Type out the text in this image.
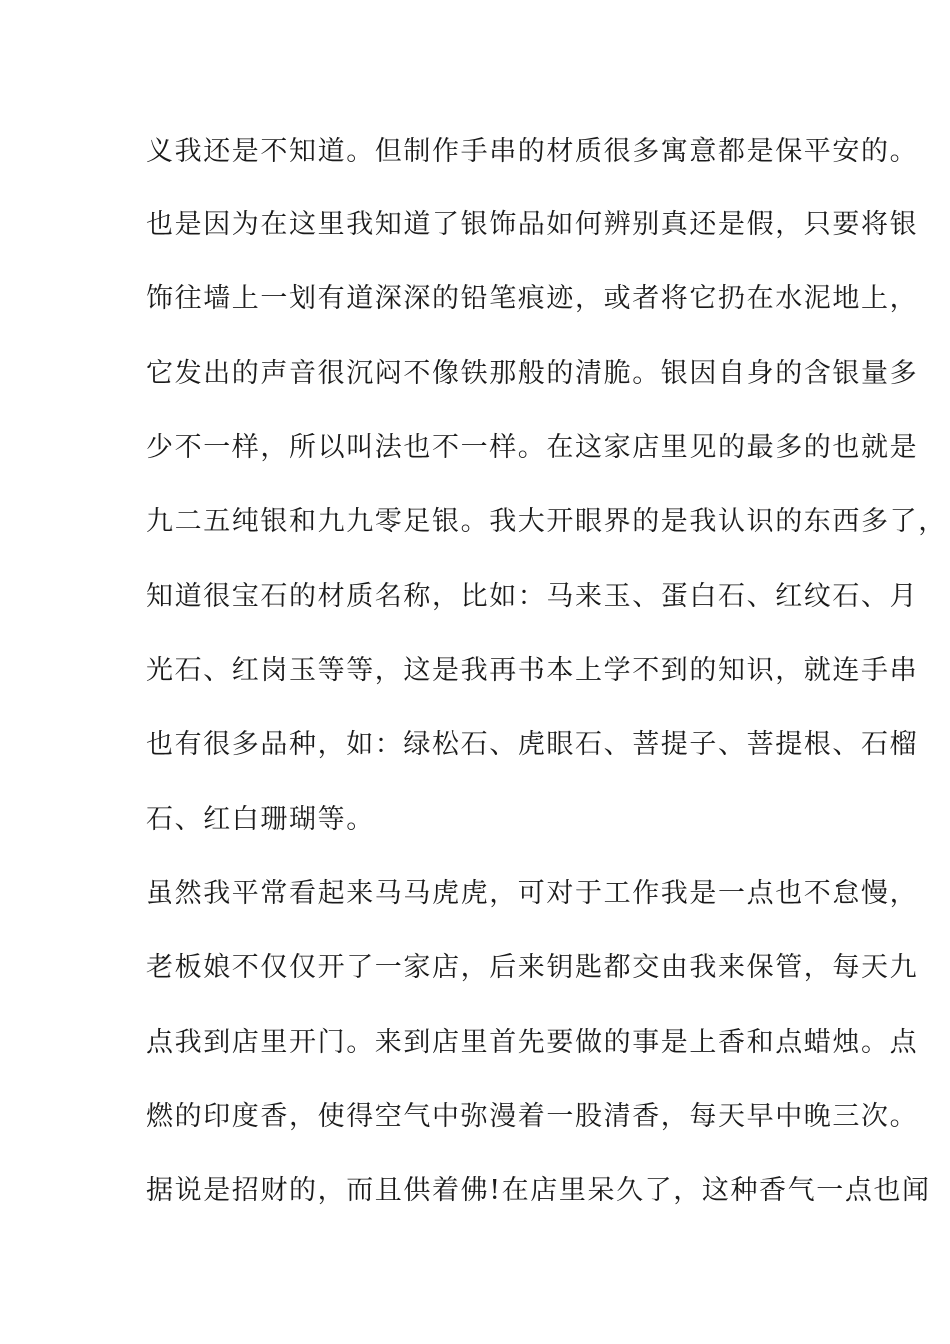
义我还是不知道。但制作手串的材质很多寓意都是保平安的。
也是因为在这里我知道了银饰品如何辨别真还是假，只要将银
饰往墙上一划有道深深的铅笔痕迹，或者将它扔在水泥地上，
它发出的声音很沉闷不像铁那般的清脆。银因自身的含银量多
少不一样，所以叫法也不一样。在这家店里见的最多的也就是
九二五纯银和九九零足银。我大开眼界的是我认识的东西多了，
知道很宝石的材质名称，比如：马来玉、蛋白石、红纹石、月
光石、红岗玉等等，这是我再书本上学不到的知识，就连手串
也有很多品种，如：绿松石、虎眼石、菩提子、菩提根、石榴
石、红白珊瑚等。
虽然我平常看起来马马虎虎，可对于工作我是一点也不怠慢，
老板娘不仅仅开了一家店，后来钥匙都交由我来保管，每天九
点我到店里开门。来到店里首先要做的事是上香和点蜡烛。点
燃的印度香，使得空气中弥漫着一股清香，每天早中晚三次。
据说是招财的，而且供着佛!在店里呆久了，这种香气一点也闻
